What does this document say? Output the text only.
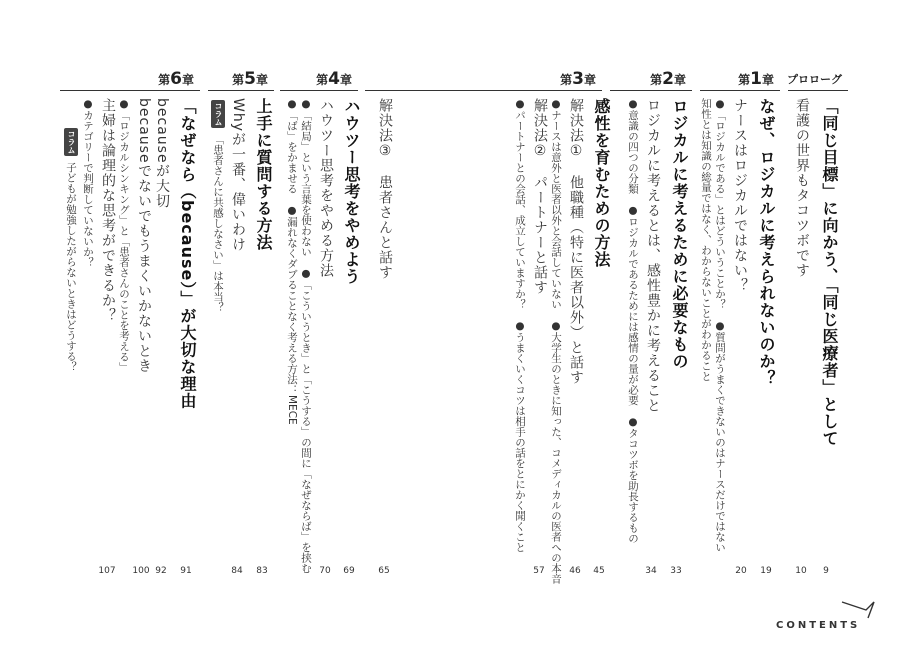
プロローグ
第1章
第2章
第3章
第4章
第5章
第6章
「同じ目標」に向かう、「同じ医療者」として
看護の世界もタコツボです
9
10
なぜ、ロジカルに考えられないのか？
ナースはロジカルではない？
●「ロジカルである」とはどういうことか？　●質問がうまくできないのはナースだけではない
知性とは知識の総量ではなく、わからないことがわかること
19
20
ロジカルに考えるために必要なもの
ロジカルに考えるとは、感性豊かに考えること
●意識の四つの分類　●ロジカルであるためには感情の量が必要　●タコツボを助長するもの
33
34
感性を育むための方法
解決法①　他職種（特に医者以外）と話す
●ナースは意外と医者以外と会話していない　●大学生のときに知った、コメディカルの医者への本音
解決法②　パートナーと話す
●パートナーとの会話、成立していますか？　●うまくいくコツは相手の話をとにかく聞くこと
解決法③　患者さんと話す
45
46
57
65
ハウツー思考をやめよう
ハウツー思考をやめる方法
●「結局」という言葉を使わない　●「こういうとき」と「こうする」の間に「なぜならば」を挟む
●「ば」をかませる　●漏れなくダブることなく考える方法：MECE
69
70
上手に質問する方法
Whyが一番、偉いわけ
コラム
「患者さんに共感しなさい」は本当？
83
84
「なぜなら（because）」が大切な理由
becauseが大切
becauseでないでもうまくいかないとき
●「ロジカルシンキング」と「患者さんのことを考える」
主婦は論理的な思考ができるか？
●カテゴリーで判断していないか？
コラム
子どもが勉強したがらないときはどうする？
91
92
100
107
CONTENTS
